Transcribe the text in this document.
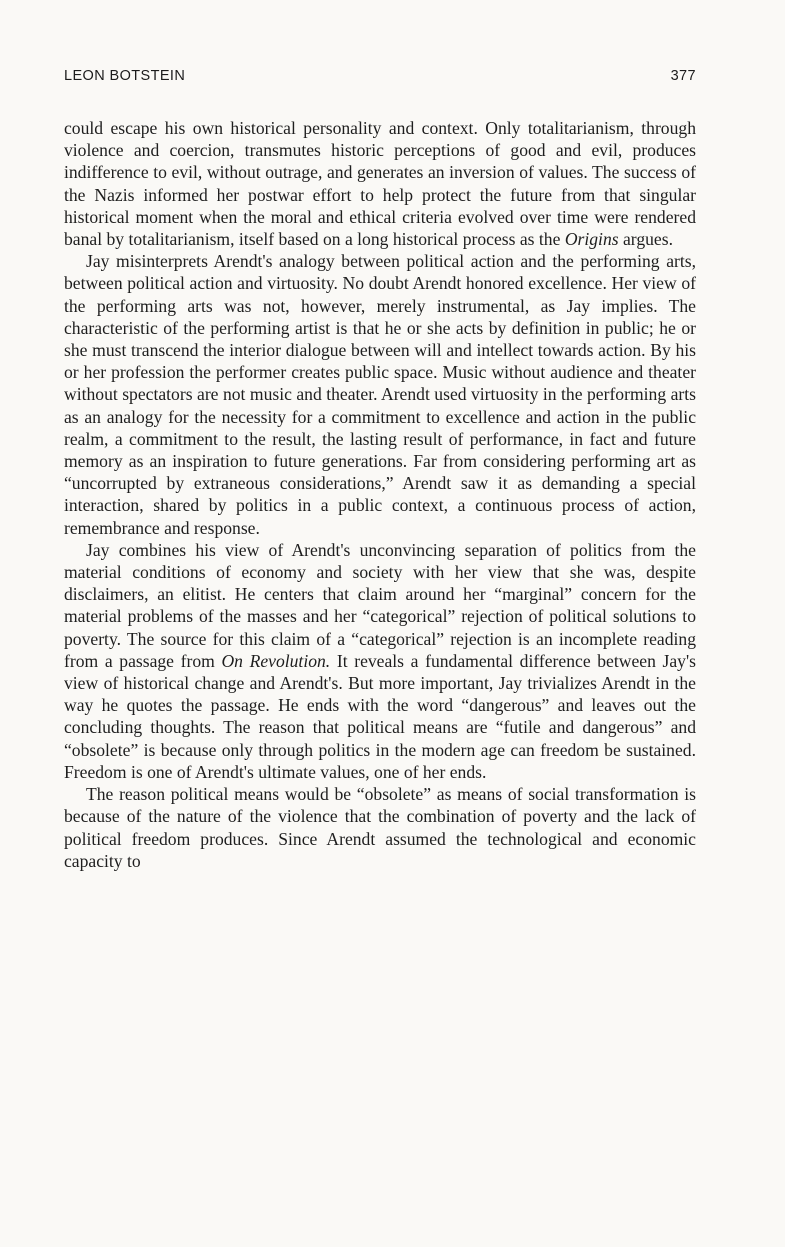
LEON BOTSTEIN	377

could escape his own historical personality and context. Only totalitarianism, through violence and coercion, transmutes historic perceptions of good and evil, produces indifference to evil, without outrage, and generates an inversion of values. The success of the Nazis informed her postwar effort to help protect the future from that singular historical moment when the moral and ethical criteria evolved over time were rendered banal by totalitarianism, itself based on a long historical process as the Origins argues.

Jay misinterprets Arendt's analogy between political action and the performing arts, between political action and virtuosity. No doubt Arendt honored excellence. Her view of the performing arts was not, however, merely instrumental, as Jay implies. The characteristic of the performing artist is that he or she acts by definition in public; he or she must transcend the interior dialogue between will and intellect towards action. By his or her profession the performer creates public space. Music without audience and theater without spectators are not music and theater. Arendt used virtuosity in the performing arts as an analogy for the necessity for a commitment to excellence and action in the public realm, a commitment to the result, the lasting result of performance, in fact and future memory as an inspiration to future generations. Far from considering performing art as “uncorrupted by extraneous considerations,” Arendt saw it as demanding a special interaction, shared by politics in a public context, a continuous process of action, remembrance and response.

Jay combines his view of Arendt's unconvincing separation of politics from the material conditions of economy and society with her view that she was, despite disclaimers, an elitist. He centers that claim around her “marginal” concern for the material problems of the masses and her “categorical” rejection of political solutions to poverty. The source for this claim of a “categorical” rejection is an incomplete reading from a passage from On Revolution. It reveals a fundamental difference between Jay's view of historical change and Arendt's. But more important, Jay trivializes Arendt in the way he quotes the passage. He ends with the word “dangerous” and leaves out the concluding thoughts. The reason that political means are “futile and dangerous” and “obsolete” is because only through politics in the modern age can freedom be sustained. Freedom is one of Arendt's ultimate values, one of her ends.

The reason political means would be “obsolete” as means of social transformation is because of the nature of the violence that the combination of poverty and the lack of political freedom produces. Since Arendt assumed the technological and economic capacity to
